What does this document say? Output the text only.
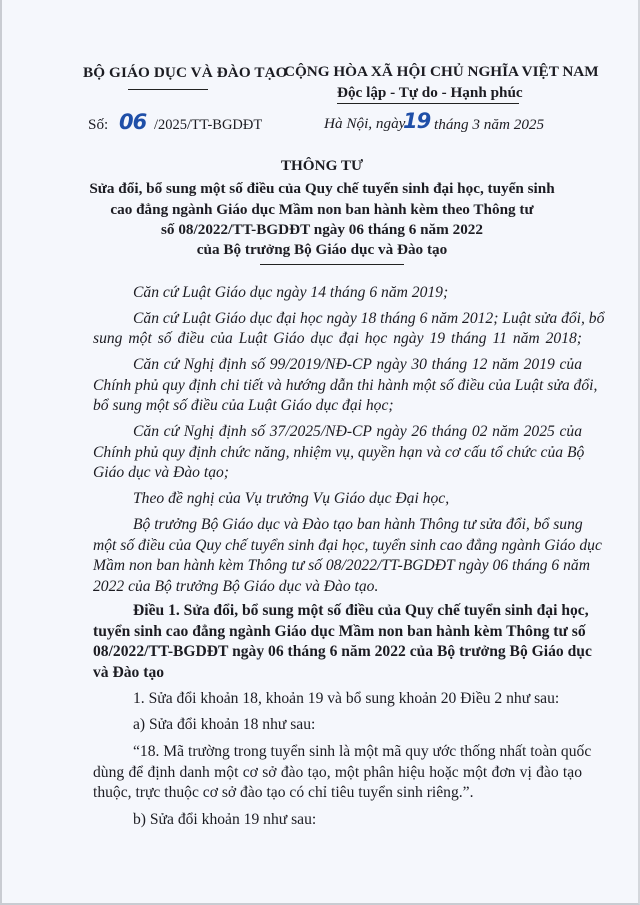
BỘ GIÁO DỤC VÀ ĐÀO TẠO
CỘNG HÒA XÃ HỘI CHỦ NGHĨA VIỆT NAM
Độc lập - Tự do - Hạnh phúc
Số: 06 /2025/TT-BGDĐT	Hà Nội, ngày
19 tháng 3 năm 2025
THÔNG TƯ
Sửa đổi, bổ sung một số điều của Quy chế tuyển sinh đại học, tuyển sinh
cao đẳng ngành Giáo dục Mầm non ban hành kèm theo Thông tư
số 08/2022/TT-BGDĐT ngày 06 tháng 6 năm 2022
của Bộ trưởng Bộ Giáo dục và Đào tạo
Căn cứ Luật Giáo dục ngày 14 tháng 6 năm 2019;
Căn cứ Luật Giáo dục đại học ngày 18 tháng 6 năm 2012; Luật sửa đổi, bổ
sung một số điều của Luật Giáo dục đại học ngày 19 tháng 11 năm 2018;
Căn cứ Nghị định số 99/2019/NĐ-CP ngày 30 tháng 12 năm 2019 của
Chính phủ quy định chi tiết và hướng dẫn thi hành một số điều của Luật sửa đổi,
bổ sung một số điều của Luật Giáo dục đại học;
Căn cứ Nghị định số 37/2025/NĐ-CP ngày 26 tháng 02 năm 2025 của
Chính phủ quy định chức năng, nhiệm vụ, quyền hạn và cơ cấu tổ chức của Bộ
Giáo dục và Đào tạo;
Theo đề nghị của Vụ trưởng Vụ Giáo dục Đại học,
Bộ trưởng Bộ Giáo dục và Đào tạo ban hành Thông tư sửa đổi, bổ sung
một số điều của Quy chế tuyển sinh đại học, tuyển sinh cao đẳng ngành Giáo dục
Mầm non ban hành kèm Thông tư số 08/2022/TT-BGDĐT ngày 06 tháng 6 năm
2022 của Bộ trưởng Bộ Giáo dục và Đào tạo.
Điều 1. Sửa đổi, bổ sung một số điều của Quy chế tuyển sinh đại học,
tuyển sinh cao đẳng ngành Giáo dục Mầm non ban hành kèm Thông tư số
08/2022/TT-BGDĐT ngày 06 tháng 6 năm 2022 của Bộ trưởng Bộ Giáo dục
và Đào tạo
1. Sửa đổi khoản 18, khoản 19 và bổ sung khoản 20 Điều 2 như sau:
a) Sửa đổi khoản 18 như sau:
“18. Mã trường trong tuyển sinh là một mã quy ước thống nhất toàn quốc
dùng để định danh một cơ sở đào tạo, một phân hiệu hoặc một đơn vị đào tạo
thuộc, trực thuộc cơ sở đào tạo có chỉ tiêu tuyển sinh riêng.”.
b) Sửa đổi khoản 19 như sau:
